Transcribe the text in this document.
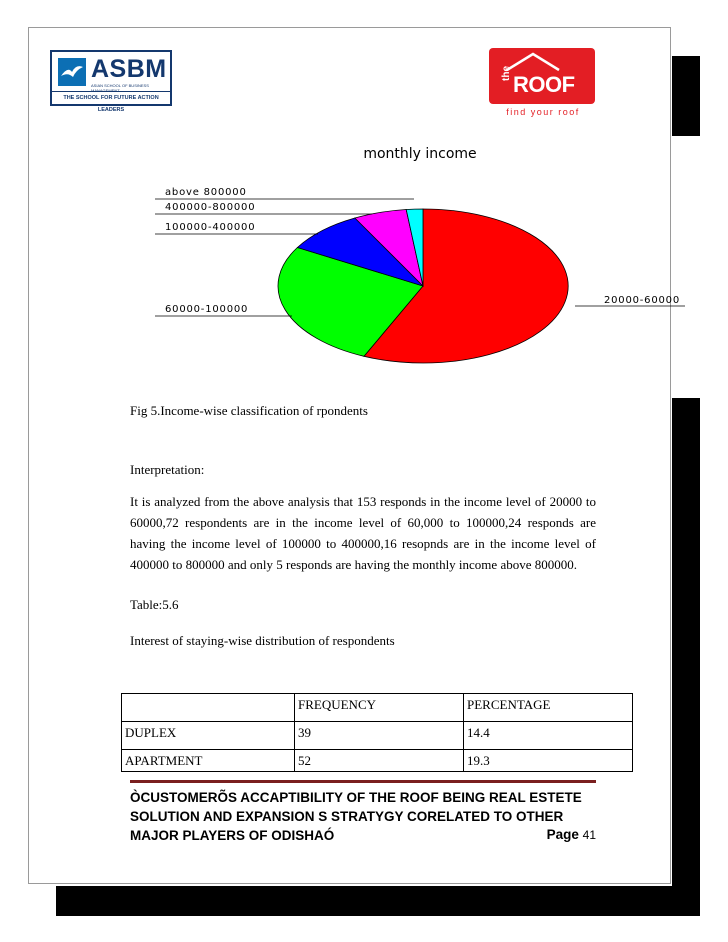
ASBM
ASIAN SCHOOL OF BUSINESS
THE SCHOOL FOR FUTURE ACTION LEADERS
the ROOF
find your roof
monthly income
20000-60000
60000-100000
100000-400000
400000-800000
above 800000
Fig 5.Income-wise classification of rpondents
Interpretation:
It is analyzed from the above analysis that 153 responds in the income level of 20000 to 60000,72 respondents are in the income level of 60,000 to 100000,24 responds are having the income level of 100000 to 400000,16 resopnds are in the income level of 400000 to 800000 and only 5 responds are having the monthly income above 800000.
Table:5.6
Interest of staying-wise distribution of respondents
	FREQUENCY	PERCENTAGE
DUPLEX	39	14.4
APARTMENT	52	19.3
ÒCUSTOMERÕS ACCAPTIBILITY OF THE ROOF BEING REAL ESTETE SOLUTION AND EXPANSION S STRATYGY CORELATED TO OTHER MAJOR PLAYERS OF ODISHAÓ	Page 41
